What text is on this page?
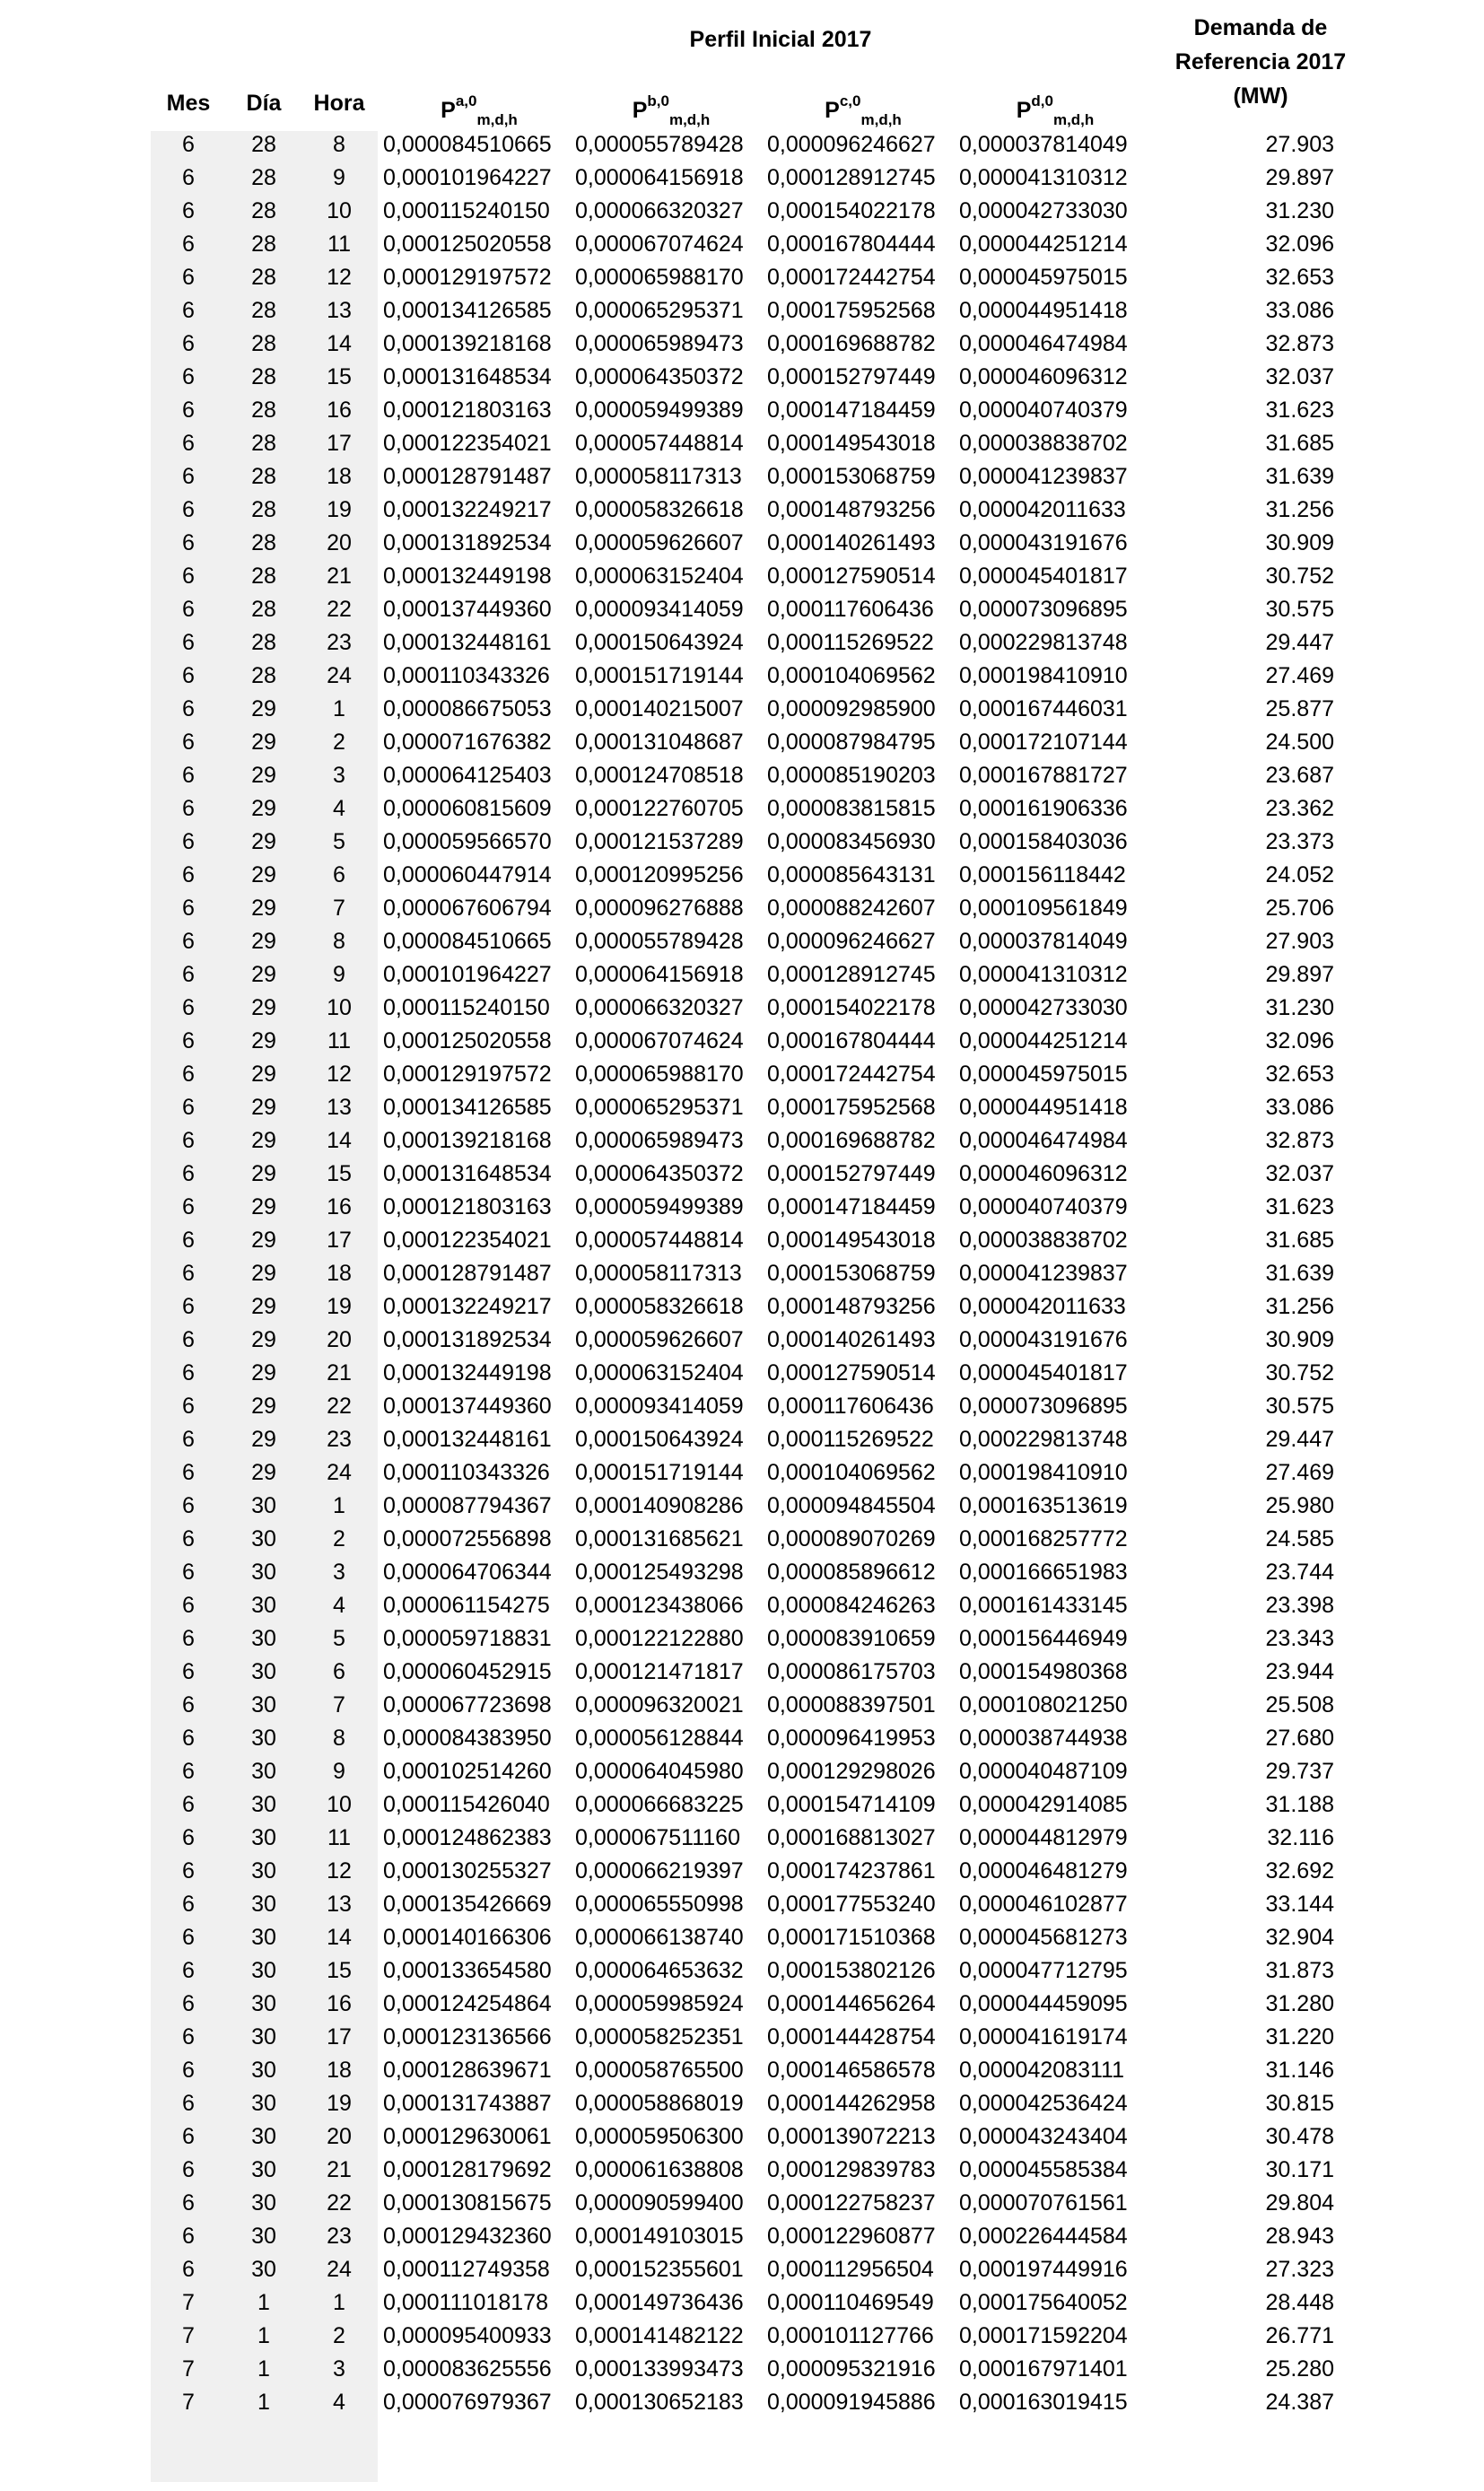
Perfil Inicial 2017	Demanda de
Referencia 2017
(MW)
Mes	Día	Hora	P$^{a,0}_{m,d,h}$	P$^{b,0}_{m,d,h}$	P$^{c,0}_{m,d,h}$	P$^{d,0}_{m,d,h}$
6	28	8	0,000084510665	0,000055789428	0,000096246627	0,000037814049	27.903
6	28	9	0,000101964227	0,000064156918	0,000128912745	0,000041310312	29.897
6	28	10	0,000115240150	0,000066320327	0,000154022178	0,000042733030	31.230
6	28	11	0,000125020558	0,000067074624	0,000167804444	0,000044251214	32.096
6	28	12	0,000129197572	0,000065988170	0,000172442754	0,000045975015	32.653
6	28	13	0,000134126585	0,000065295371	0,000175952568	0,000044951418	33.086
6	28	14	0,000139218168	0,000065989473	0,000169688782	0,000046474984	32.873
6	28	15	0,000131648534	0,000064350372	0,000152797449	0,000046096312	32.037
6	28	16	0,000121803163	0,000059499389	0,000147184459	0,000040740379	31.623
6	28	17	0,000122354021	0,000057448814	0,000149543018	0,000038838702	31.685
6	28	18	0,000128791487	0,000058117313	0,000153068759	0,000041239837	31.639
6	28	19	0,000132249217	0,000058326618	0,000148793256	0,000042011633	31.256
6	28	20	0,000131892534	0,000059626607	0,000140261493	0,000043191676	30.909
6	28	21	0,000132449198	0,000063152404	0,000127590514	0,000045401817	30.752
6	28	22	0,000137449360	0,000093414059	0,000117606436	0,000073096895	30.575
6	28	23	0,000132448161	0,000150643924	0,000115269522	0,000229813748	29.447
6	28	24	0,000110343326	0,000151719144	0,000104069562	0,000198410910	27.469
6	29	1	0,000086675053	0,000140215007	0,000092985900	0,000167446031	25.877
6	29	2	0,000071676382	0,000131048687	0,000087984795	0,000172107144	24.500
6	29	3	0,000064125403	0,000124708518	0,000085190203	0,000167881727	23.687
6	29	4	0,000060815609	0,000122760705	0,000083815815	0,000161906336	23.362
6	29	5	0,000059566570	0,000121537289	0,000083456930	0,000158403036	23.373
6	29	6	0,000060447914	0,000120995256	0,000085643131	0,000156118442	24.052
6	29	7	0,000067606794	0,000096276888	0,000088242607	0,000109561849	25.706
6	29	8	0,000084510665	0,000055789428	0,000096246627	0,000037814049	27.903
6	29	9	0,000101964227	0,000064156918	0,000128912745	0,000041310312	29.897
6	29	10	0,000115240150	0,000066320327	0,000154022178	0,000042733030	31.230
6	29	11	0,000125020558	0,000067074624	0,000167804444	0,000044251214	32.096
6	29	12	0,000129197572	0,000065988170	0,000172442754	0,000045975015	32.653
6	29	13	0,000134126585	0,000065295371	0,000175952568	0,000044951418	33.086
6	29	14	0,000139218168	0,000065989473	0,000169688782	0,000046474984	32.873
6	29	15	0,000131648534	0,000064350372	0,000152797449	0,000046096312	32.037
6	29	16	0,000121803163	0,000059499389	0,000147184459	0,000040740379	31.623
6	29	17	0,000122354021	0,000057448814	0,000149543018	0,000038838702	31.685
6	29	18	0,000128791487	0,000058117313	0,000153068759	0,000041239837	31.639
6	29	19	0,000132249217	0,000058326618	0,000148793256	0,000042011633	31.256
6	29	20	0,000131892534	0,000059626607	0,000140261493	0,000043191676	30.909
6	29	21	0,000132449198	0,000063152404	0,000127590514	0,000045401817	30.752
6	29	22	0,000137449360	0,000093414059	0,000117606436	0,000073096895	30.575
6	29	23	0,000132448161	0,000150643924	0,000115269522	0,000229813748	29.447
6	29	24	0,000110343326	0,000151719144	0,000104069562	0,000198410910	27.469
6	30	1	0,000087794367	0,000140908286	0,000094845504	0,000163513619	25.980
6	30	2	0,000072556898	0,000131685621	0,000089070269	0,000168257772	24.585
6	30	3	0,000064706344	0,000125493298	0,000085896612	0,000166651983	23.744
6	30	4	0,000061154275	0,000123438066	0,000084246263	0,000161433145	23.398
6	30	5	0,000059718831	0,000122122880	0,000083910659	0,000156446949	23.343
6	30	6	0,000060452915	0,000121471817	0,000086175703	0,000154980368	23.944
6	30	7	0,000067723698	0,000096320021	0,000088397501	0,000108021250	25.508
6	30	8	0,000084383950	0,000056128844	0,000096419953	0,000038744938	27.680
6	30	9	0,000102514260	0,000064045980	0,000129298026	0,000040487109	29.737
6	30	10	0,000115426040	0,000066683225	0,000154714109	0,000042914085	31.188
6	30	11	0,000124862383	0,000067511160	0,000168813027	0,000044812979	32.116
6	30	12	0,000130255327	0,000066219397	0,000174237861	0,000046481279	32.692
6	30	13	0,000135426669	0,000065550998	0,000177553240	0,000046102877	33.144
6	30	14	0,000140166306	0,000066138740	0,000171510368	0,000045681273	32.904
6	30	15	0,000133654580	0,000064653632	0,000153802126	0,000047712795	31.873
6	30	16	0,000124254864	0,000059985924	0,000144656264	0,000044459095	31.280
6	30	17	0,000123136566	0,000058252351	0,000144428754	0,000041619174	31.220
6	30	18	0,000128639671	0,000058765500	0,000146586578	0,000042083111	31.146
6	30	19	0,000131743887	0,000058868019	0,000144262958	0,000042536424	30.815
6	30	20	0,000129630061	0,000059506300	0,000139072213	0,000043243404	30.478
6	30	21	0,000128179692	0,000061638808	0,000129839783	0,000045585384	30.171
6	30	22	0,000130815675	0,000090599400	0,000122758237	0,000070761561	29.804
6	30	23	0,000129432360	0,000149103015	0,000122960877	0,000226444584	28.943
6	30	24	0,000112749358	0,000152355601	0,000112956504	0,000197449916	27.323
7	1	1	0,000111018178	0,000149736436	0,000110469549	0,000175640052	28.448
7	1	2	0,000095400933	0,000141482122	0,000101127766	0,000171592204	26.771
7	1	3	0,000083625556	0,000133993473	0,000095321916	0,000167971401	25.280
7	1	4	0,000076979367	0,000130652183	0,000091945886	0,000163019415	24.387
